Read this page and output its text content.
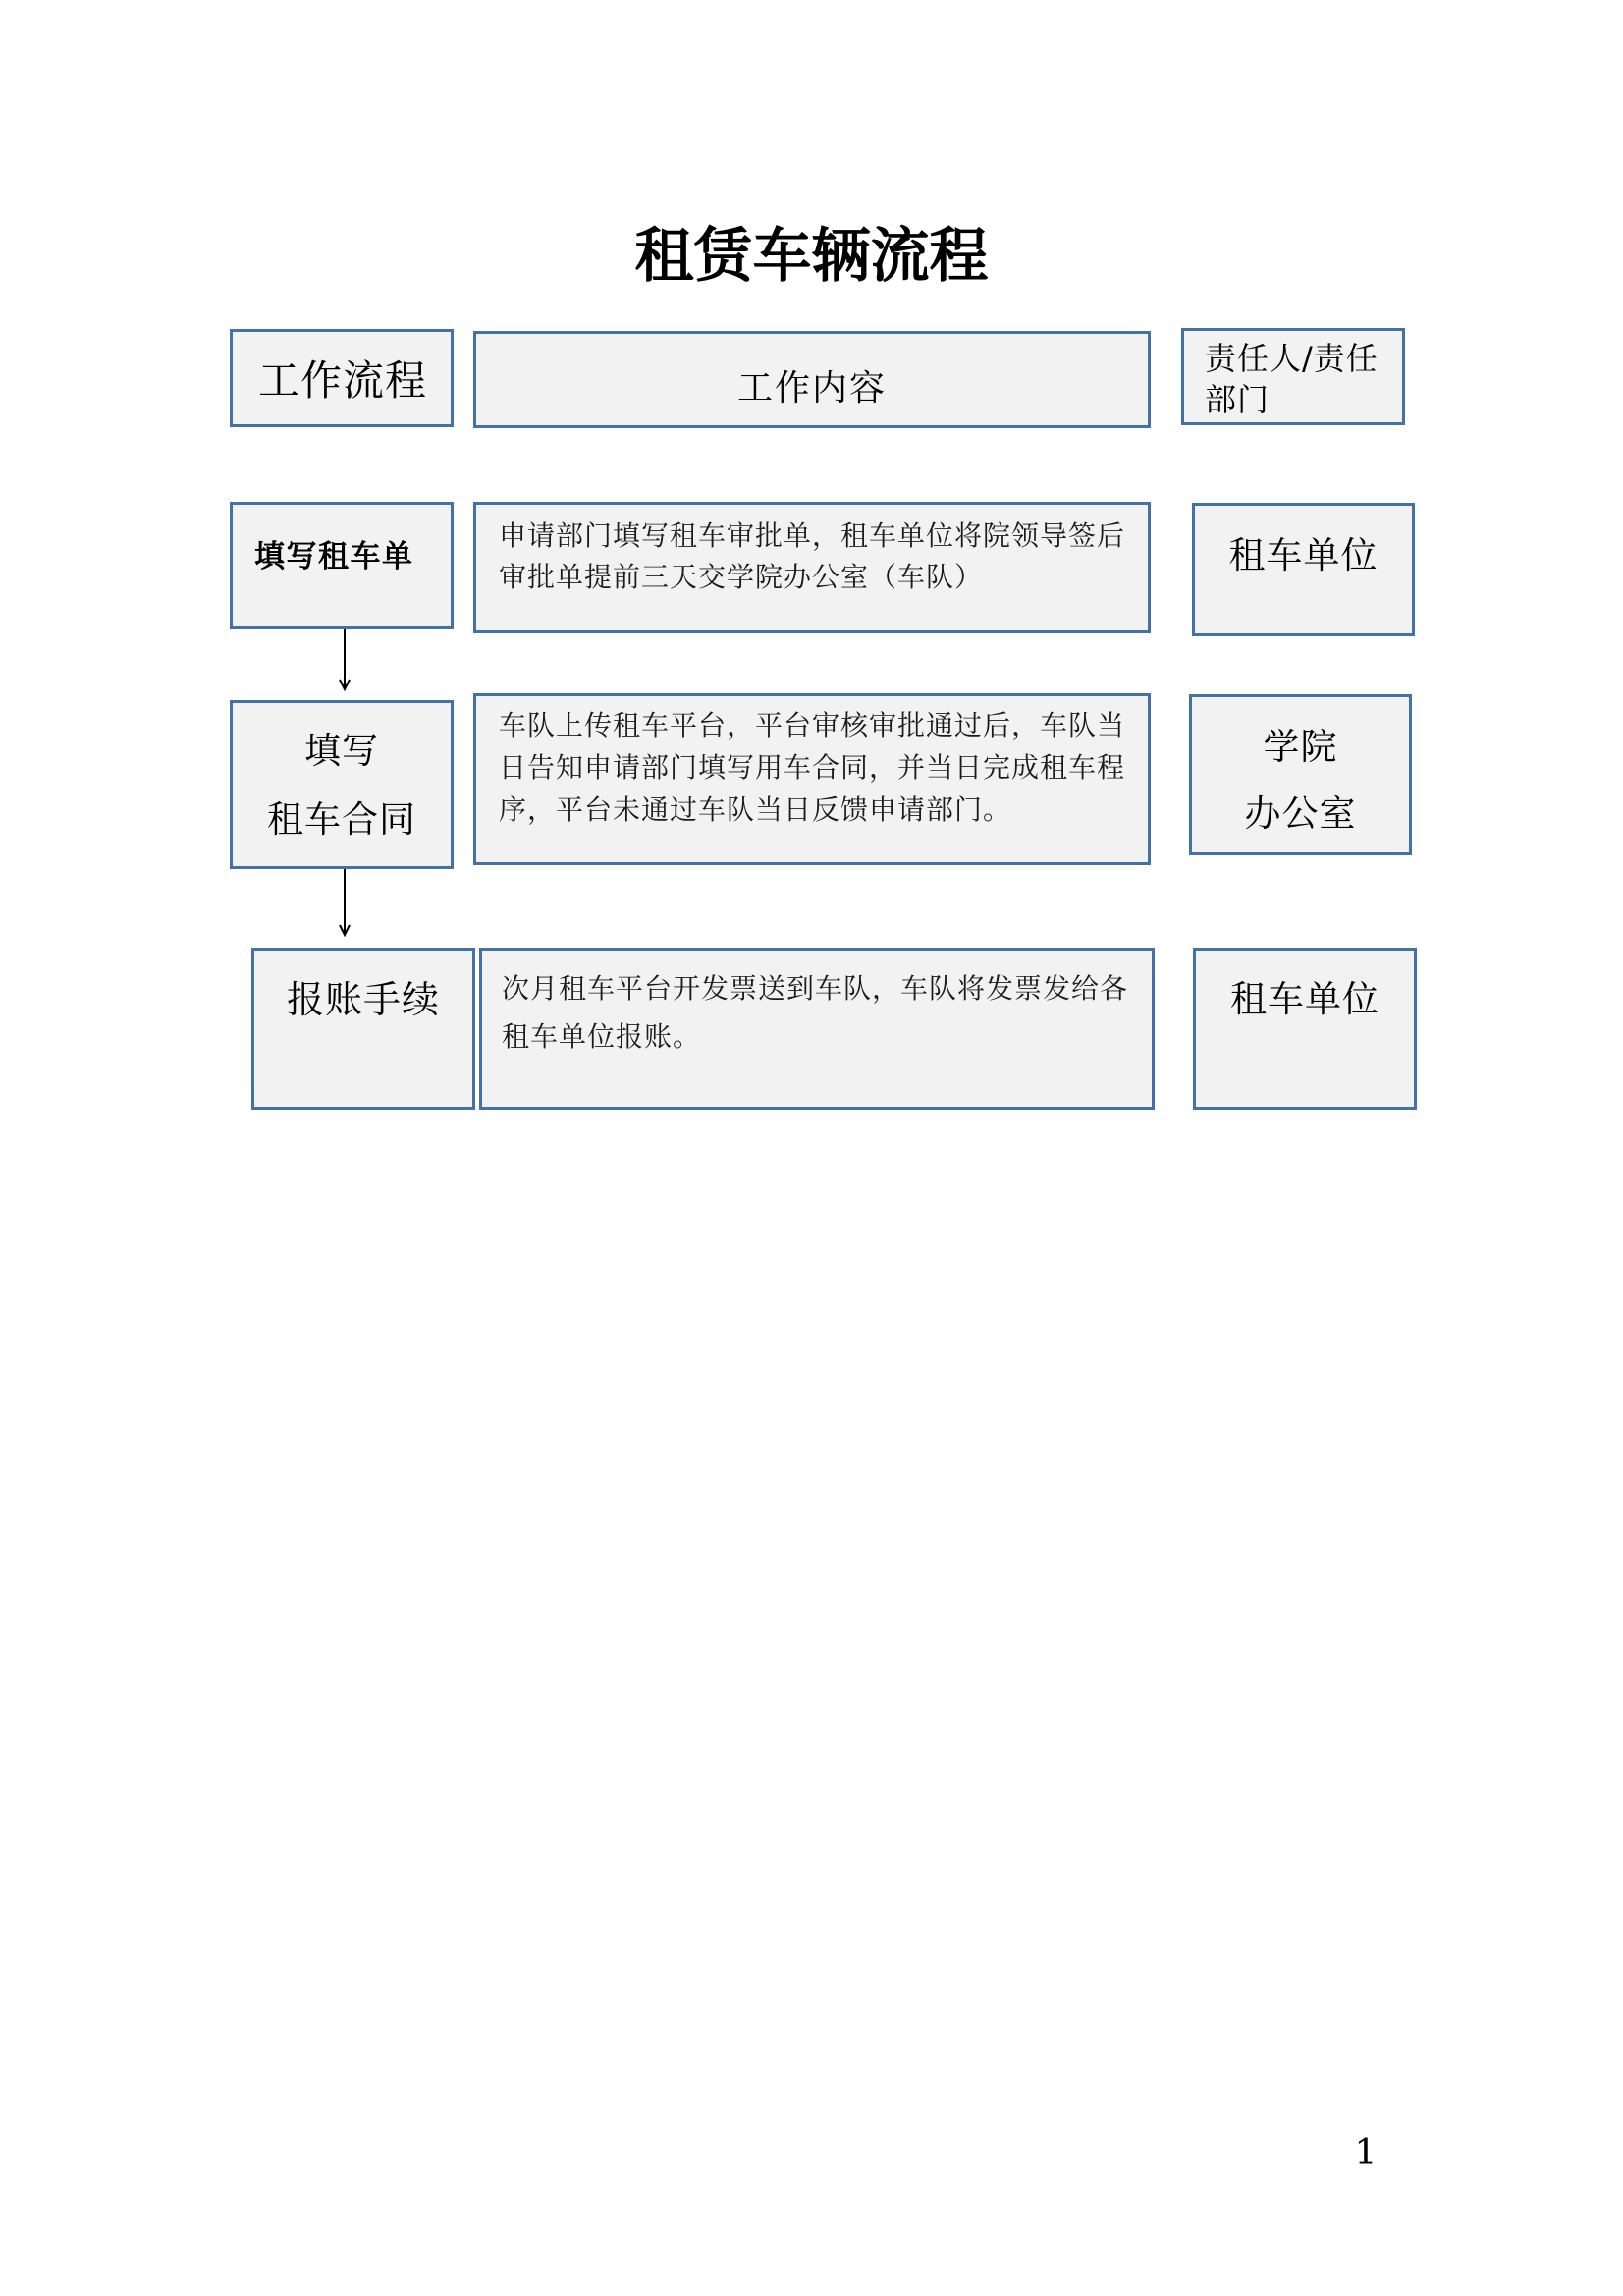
租赁车辆流程
工作流程	工作内容
责任人/责任
部门
填写租车单
申请部门填写租车审批单，租车单位将院领导签后
审批单提前三天交学院办公室（车队）
租车单位
填写
租车合同
车队上传租车平台，平台审核审批通过后，车队当
日告知申请部门填写用车合同，并当日完成租车程
序，平台未通过车队当日反馈申请部门。
学院
办公室
报账手续	次月租车平台开发票送到车队，车队将发票发给各
租车单位报账。
租车单位
1
